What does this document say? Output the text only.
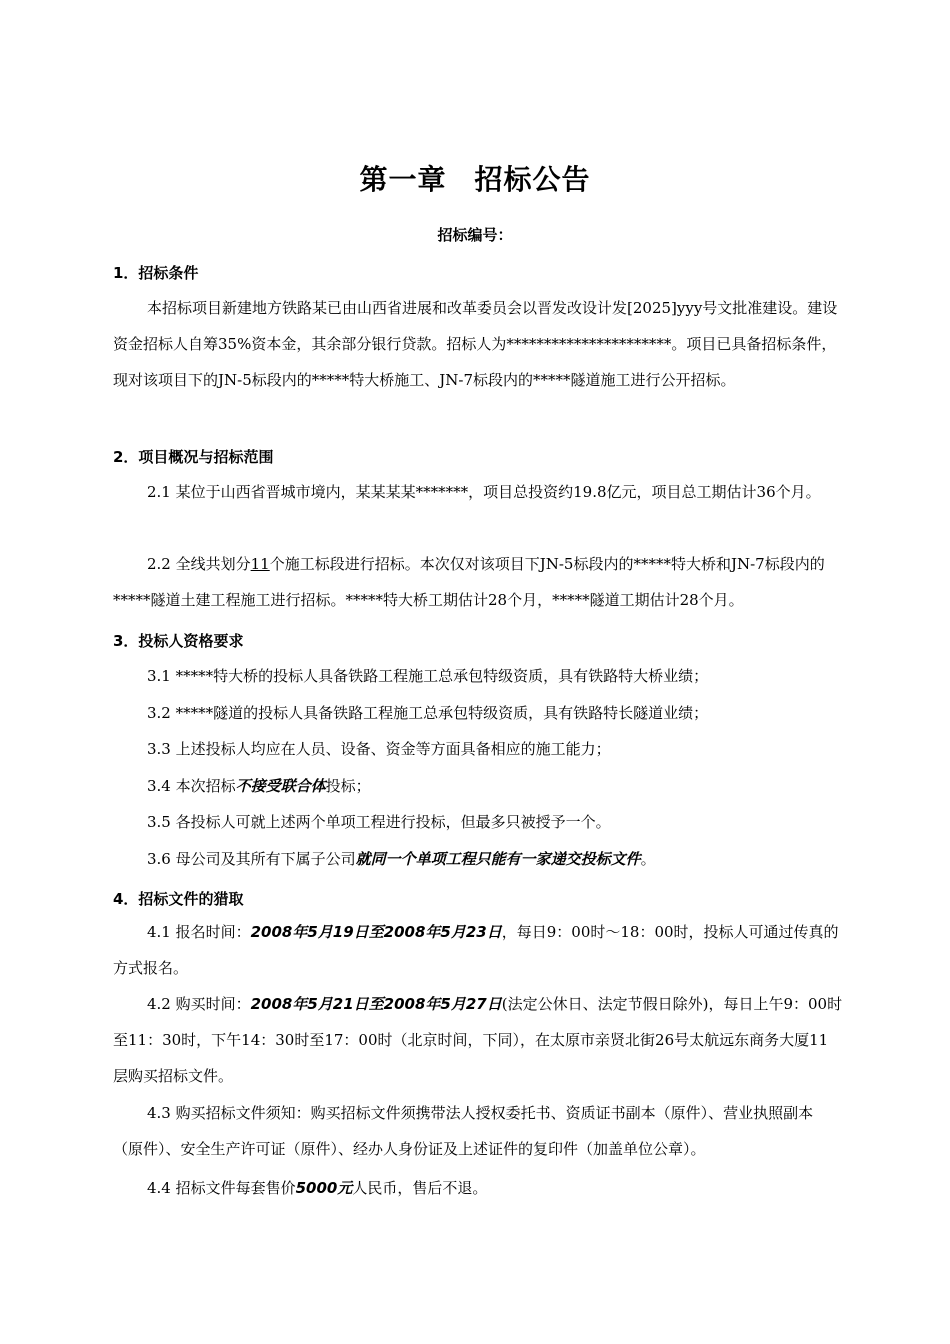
第一章 招标公告
招标编号：
1．招标条件
本招标项目新建地方铁路某已由山西省进展和改革委员会以晋发改设计发[2025]yyy号文批准建设。建设资金招标人自筹35%资本金，其余部分银行贷款。招标人为**********************。项目已具备招标条件，现对该项目下的JN-5标段内的*****特大桥施工、JN-7标段内的*****隧道施工进行公开招标。
2．项目概况与招标范围
2.1 某位于山西省晋城市境内，某某某某*******，项目总投资约19.8亿元，项目总工期估计36个月。
2.2 全线共划分11个施工标段进行招标。本次仅对该项目下JN-5标段内的*****特大桥和JN-7标段内的*****隧道土建工程施工进行招标。*****特大桥工期估计28个月，*****隧道工期估计28个月。
3．投标人资格要求
3.1 *****特大桥的投标人具备铁路工程施工总承包特级资质，具有铁路特大桥业绩；
3.2 *****隧道的投标人具备铁路工程施工总承包特级资质，具有铁路特长隧道业绩；
3.3 上述投标人均应在人员、设备、资金等方面具备相应的施工能力；
3.4 本次招标不接受联合体投标；
3.5 各投标人可就上述两个单项工程进行投标，但最多只被授予一个。
3.6 母公司及其所有下属子公司就同一个单项工程只能有一家递交投标文件。
4．招标文件的猎取
4.1 报名时间：2008年5月19日至2008年5月23日，每日9：00时～18：00时，投标人可通过传真的方式报名。
4.2 购买时间：2008年5月21日至2008年5月27日(法定公休日、法定节假日除外)，每日上午9：00时至11：30时，下午14：30时至17：00时（北京时间，下同），在太原市亲贤北街26号太航远东商务大厦11层购买招标文件。
4.3 购买招标文件须知：购买招标文件须携带法人授权委托书、资质证书副本（原件）、营业执照副本（原件）、安全生产许可证（原件）、经办人身份证及上述证件的复印件（加盖单位公章）。
4.4 招标文件每套售价5000元人民币，售后不退。
